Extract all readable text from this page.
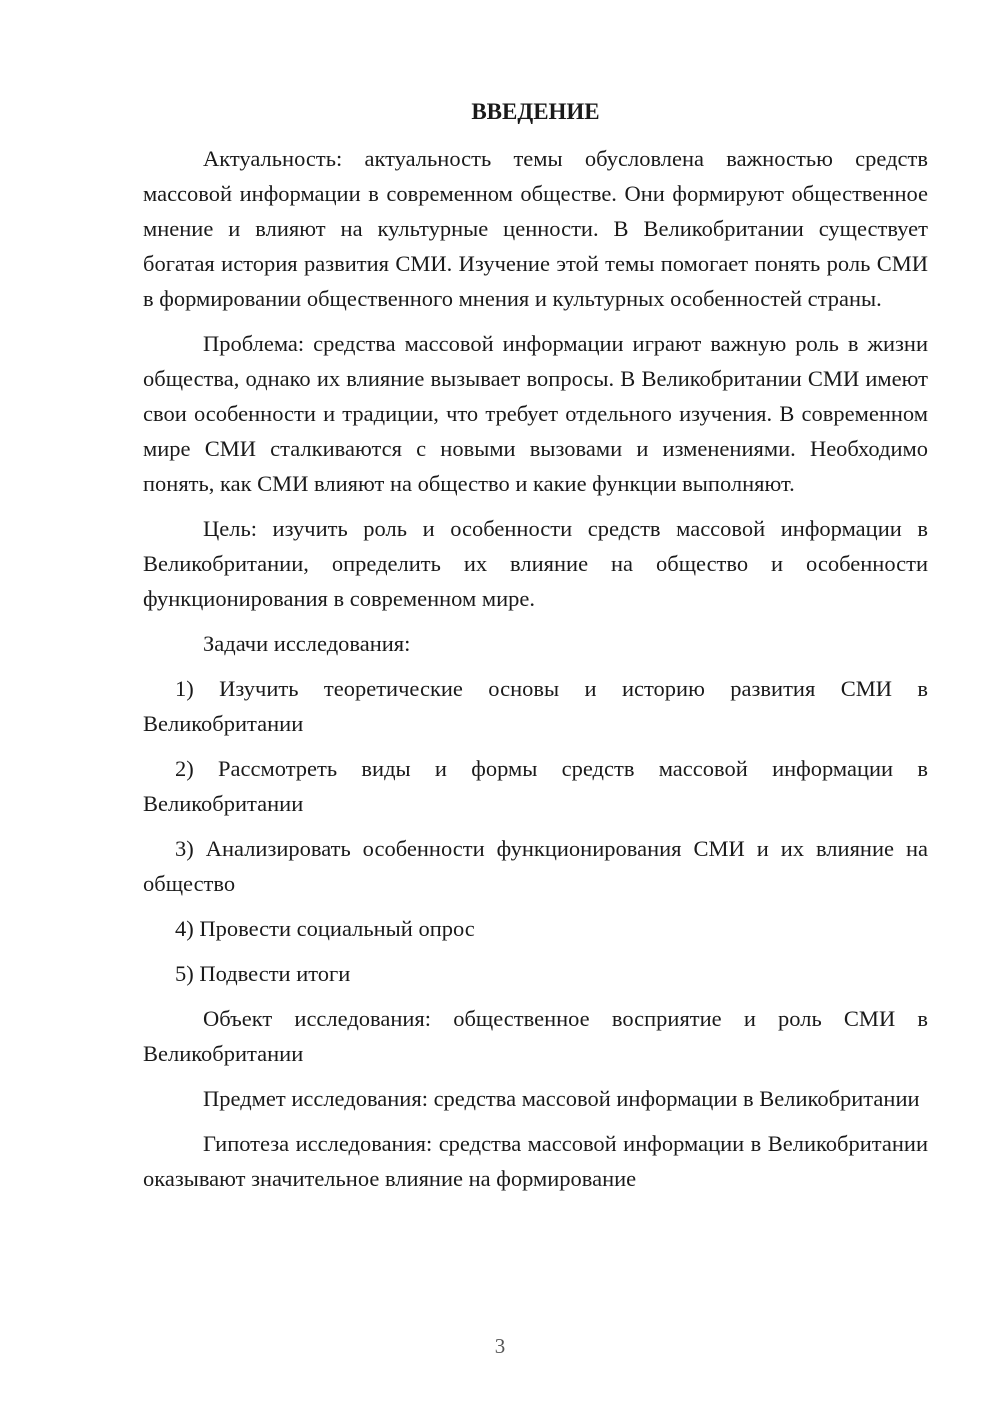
ВВЕДЕНИЕ

Актуальность: актуальность темы обусловлена важностью средств массовой информации в современном обществе. Они формируют общественное мнение и влияют на культурные ценности. В Великобритании существует богатая история развития СМИ. Изучение этой темы помогает понять роль СМИ в формировании общественного мнения и культурных особенностей страны.

Проблема: средства массовой информации играют важную роль в жизни общества, однако их влияние вызывает вопросы. В Великобритании СМИ имеют свои особенности и традиции, что требует отдельного изучения. В современном мире СМИ сталкиваются с новыми вызовами и изменениями. Необходимо понять, как СМИ влияют на общество и какие функции выполняют.

Цель: изучить роль и особенности средств массовой информации в Великобритании, определить их влияние на общество и особенности функционирования в современном мире.

Задачи исследования:

1) Изучить теоретические основы и историю развития СМИ в Великобритании

2) Рассмотреть виды и формы средств массовой информации в Великобритании

3) Анализировать особенности функционирования СМИ и их влияние на общество

4) Провести социальный опрос

5) Подвести итоги

Объект исследования: общественное восприятие и роль СМИ в Великобритании

Предмет исследования: средства массовой информации в Великобритании

Гипотеза исследования: средства массовой информации в Великобритании оказывают значительное влияние на формирование

3
